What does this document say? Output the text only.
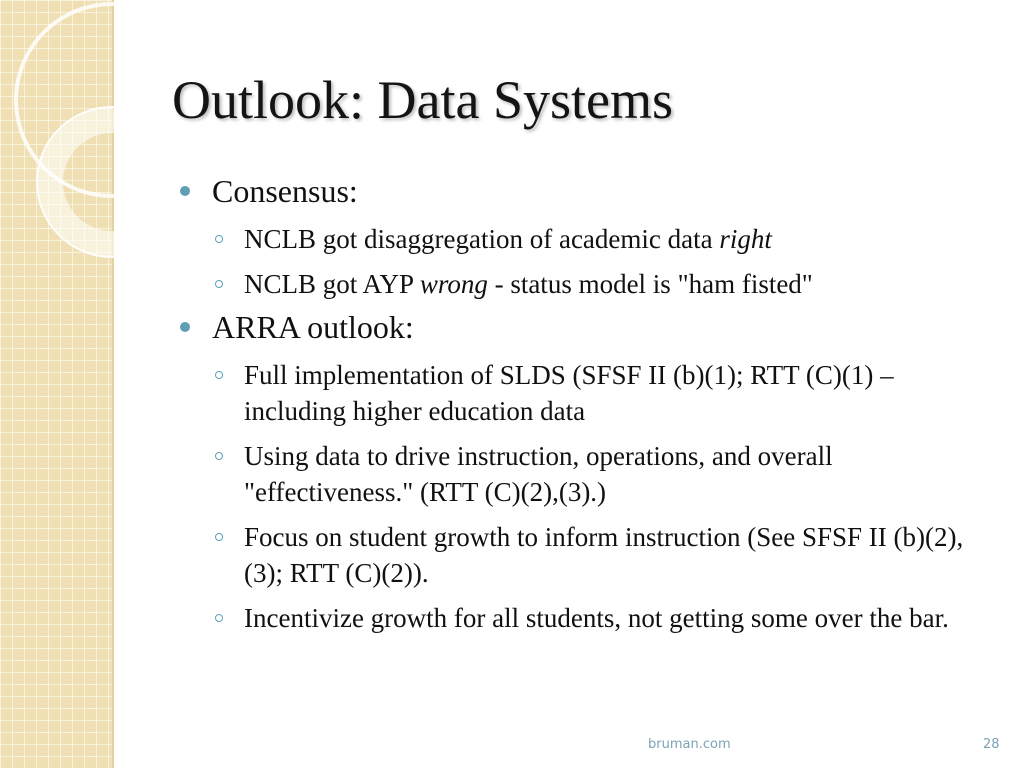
Outlook: Data Systems
Consensus:
NCLB got disaggregation of academic data right
NCLB got AYP wrong - status model is "ham fisted"
ARRA outlook:
Full implementation of SLDS (SFSF II (b)(1); RTT (C)(1) – including higher education data
Using data to drive instruction, operations, and overall "effectiveness." (RTT (C)(2),(3).)
Focus on student growth to inform instruction (See SFSF II (b)(2),(3); RTT (C)(2)).
Incentivize growth for all students, not getting some over the bar.
bruman.com	28
